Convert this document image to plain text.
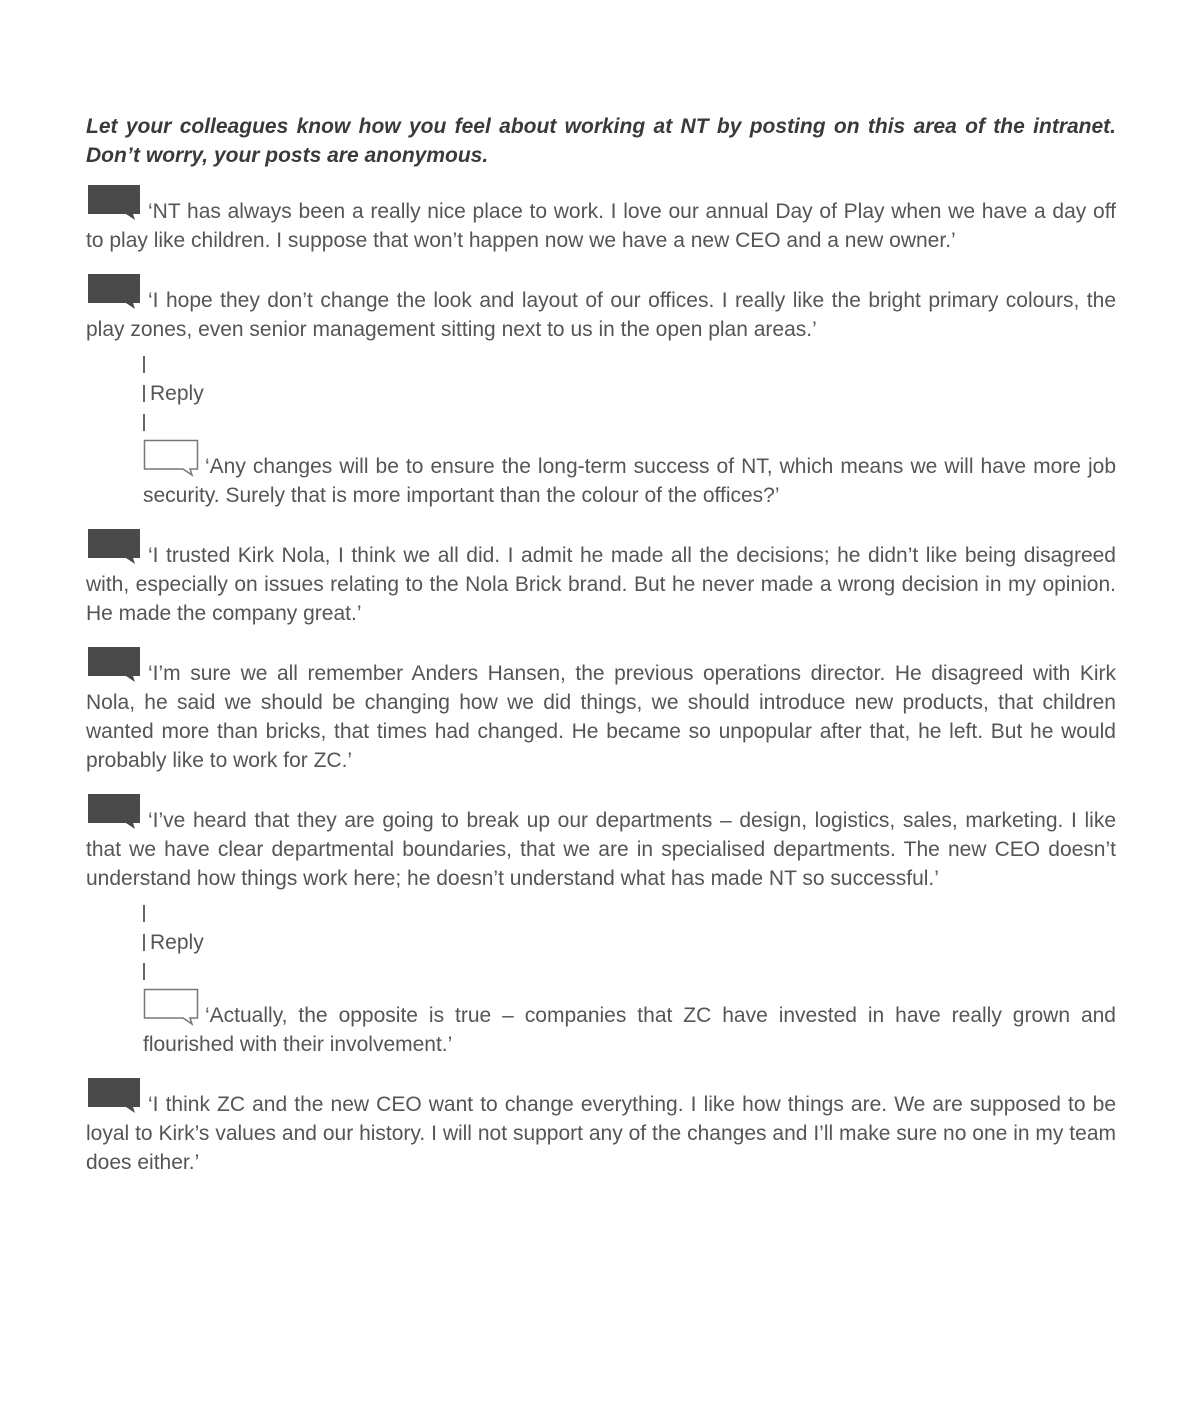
Let your colleagues know how you feel about working at NT by posting on this area of the intranet. Don’t worry, your posts are anonymous.

‘NT has always been a really nice place to work. I love our annual Day of Play when we have a day off to play like children. I suppose that won’t happen now we have a new CEO and a new owner.’

‘I hope they don’t change the look and layout of our offices. I really like the bright primary colours, the play zones, even senior management sitting next to us in the open plan areas.’

Reply
‘Any changes will be to ensure the long-term success of NT, which means we will have more job security. Surely that is more important than the colour of the offices?’

‘I trusted Kirk Nola, I think we all did. I admit he made all the decisions; he didn’t like being disagreed with, especially on issues relating to the Nola Brick brand. But he never made a wrong decision in my opinion. He made the company great.’

‘I’m sure we all remember Anders Hansen, the previous operations director. He disagreed with Kirk Nola, he said we should be changing how we did things, we should introduce new products, that children wanted more than bricks, that times had changed. He became so unpopular after that, he left. But he would probably like to work for ZC.’

‘I’ve heard that they are going to break up our departments – design, logistics, sales, marketing. I like that we have clear departmental boundaries, that we are in specialised departments. The new CEO doesn’t understand how things work here; he doesn’t understand what has made NT so successful.’

Reply
‘Actually, the opposite is true – companies that ZC have invested in have really grown and flourished with their involvement.’

‘I think ZC and the new CEO want to change everything. I like how things are. We are supposed to be loyal to Kirk’s values and our history. I will not support any of the changes and I’ll make sure no one in my team does either.’
